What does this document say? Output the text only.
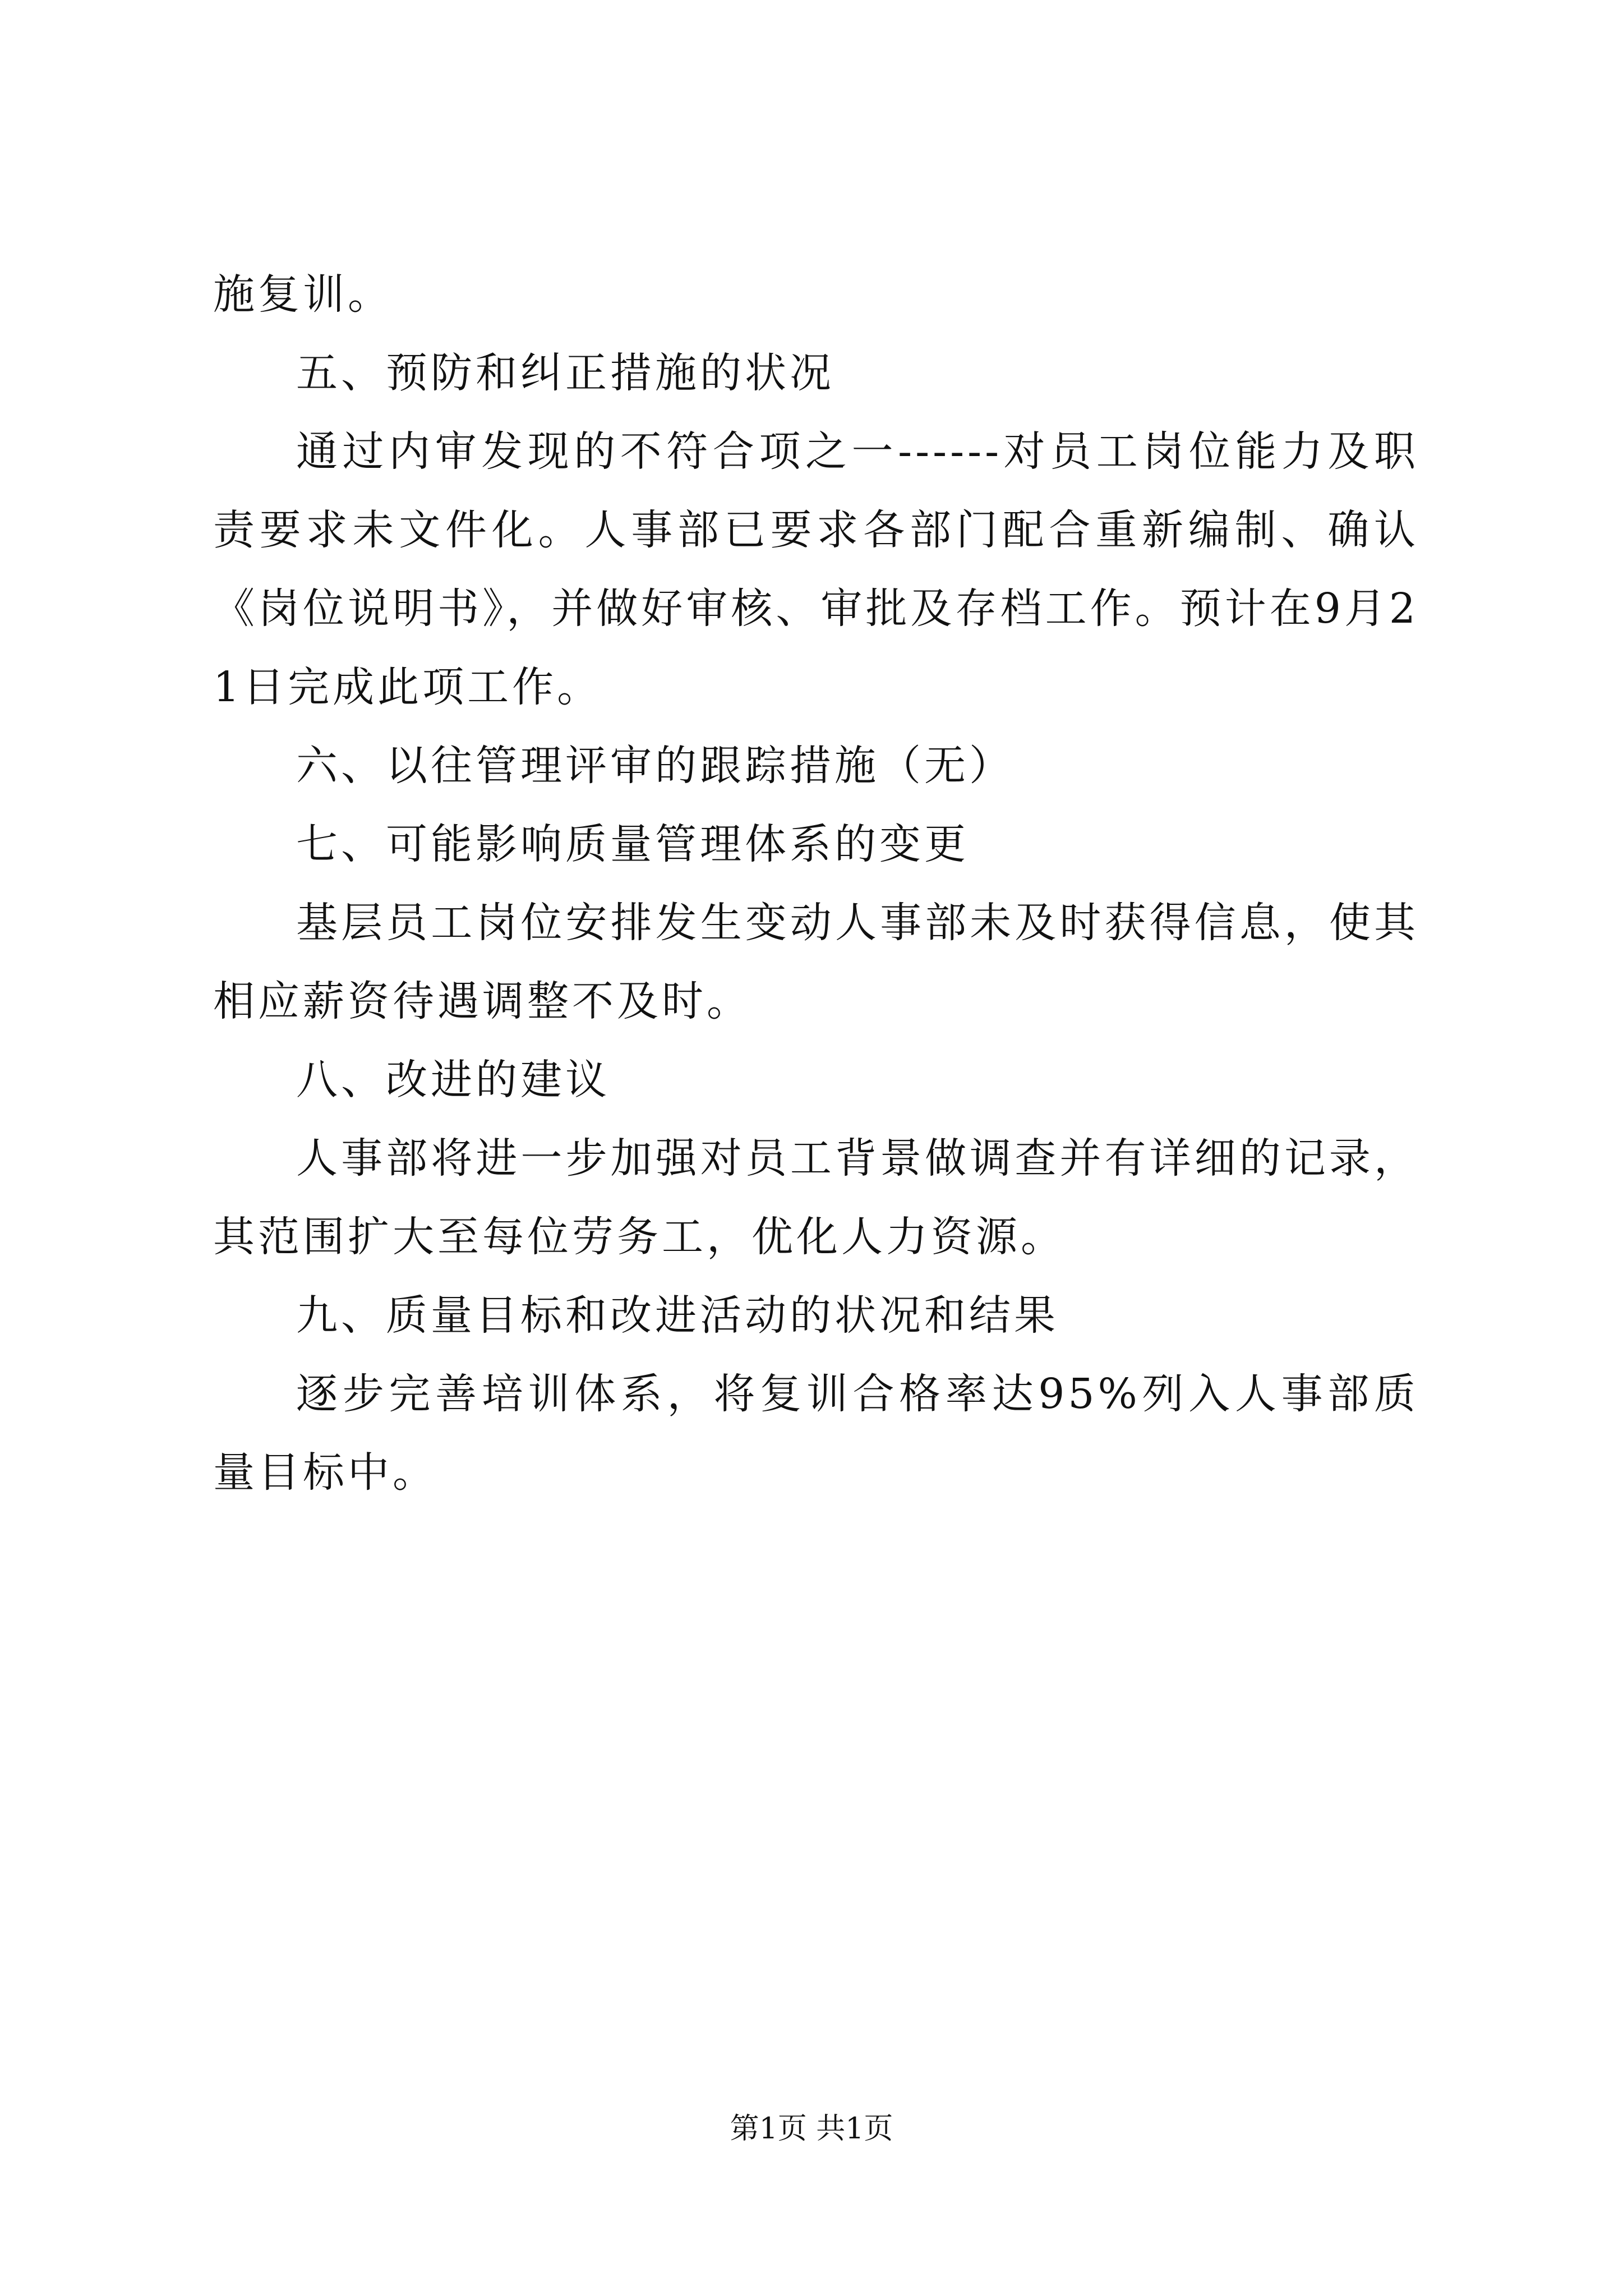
施复训。

五、预防和纠正措施的状况

通过内审发现的不符合项之一------对员工岗位能力及职责要求未文件化。人事部已要求各部门配合重新编制、确认《岗位说明书》，并做好审核、审批及存档工作。预计在9月21日完成此项工作。

六、以往管理评审的跟踪措施（无）

七、可能影响质量管理体系的变更

基层员工岗位安排发生变动人事部未及时获得信息，使其相应薪资待遇调整不及时。

八、改进的建议

人事部将进一步加强对员工背景做调查并有详细的记录，其范围扩大至每位劳务工，优化人力资源。

九、质量目标和改进活动的状况和结果

逐步完善培训体系，将复训合格率达95%列入人事部质量目标中。

第1页 共1页
